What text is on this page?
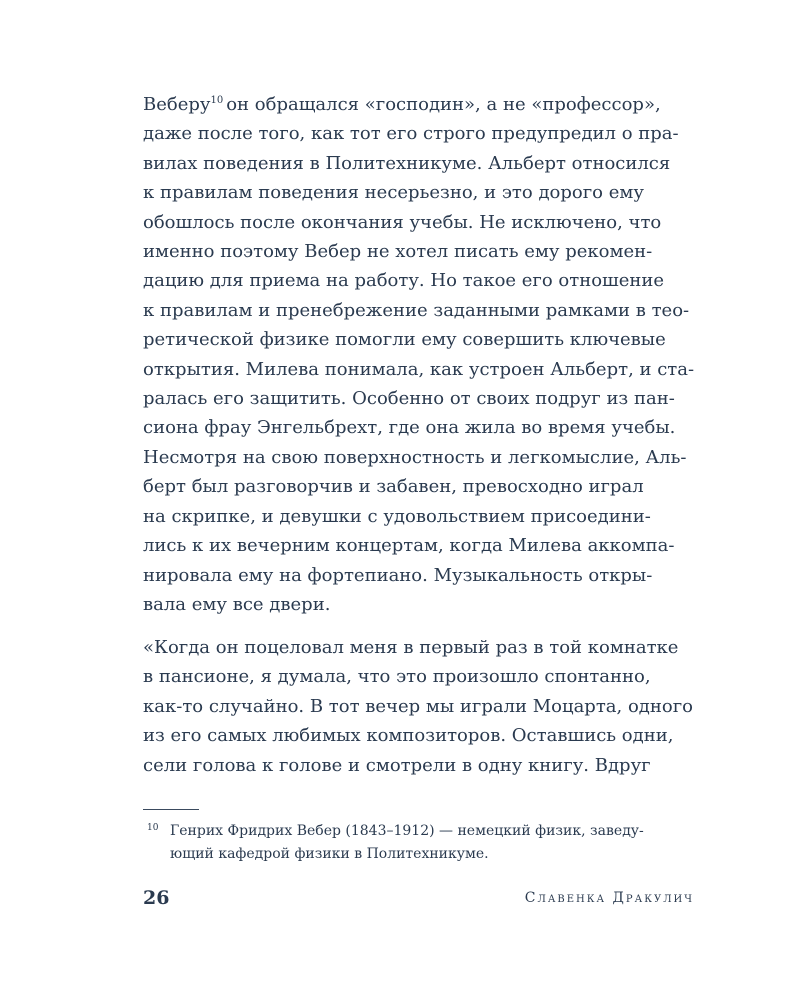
Веберу$^{10}$ он обращался «господин», а не «профессор»,
даже после того, как тот его строго предупредил о пра-
вилах поведения в Политехникуме. Альберт относился
к правилам поведения несерьезно, и это дорого ему
обошлось после окончания учебы. Не исключено, что
именно поэтому Вебер не хотел писать ему рекомен-
дацию для приема на работу. Но такое его отношение
к правилам и пренебрежение заданными рамками в тео-
ретической физике помогли ему совершить ключевые
открытия. Милева понимала, как устроен Альберт, и ста-
ралась его защитить. Особенно от своих подруг из пан-
сиона фрау Энгельбрехт, где она жила во время учебы.
Несмотря на свою поверхностность и легкомыслие, Аль-
берт был разговорчив и забавен, превосходно играл
на скрипке, и девушки с удовольствием присоедини-
лись к их вечерним концертам, когда Милева аккомпа-
нировала ему на фортепиано. Музыкальность откры-
вала ему все двери.
«Когда он поцеловал меня в первый раз в той комнатке
в пансионе, я думала, что это произошло спонтанно,
как-то случайно. В тот вечер мы играли Моцарта, одного
из его самых любимых композиторов. Оставшись одни,
сели голова к голове и смотрели в одну книгу. Вдруг
10 Генрих Фридрих Вебер (1843–1912) — немецкий физик, заведу-
ющий кафедрой физики в Политехникуме.
26	Славенка Дракулич
